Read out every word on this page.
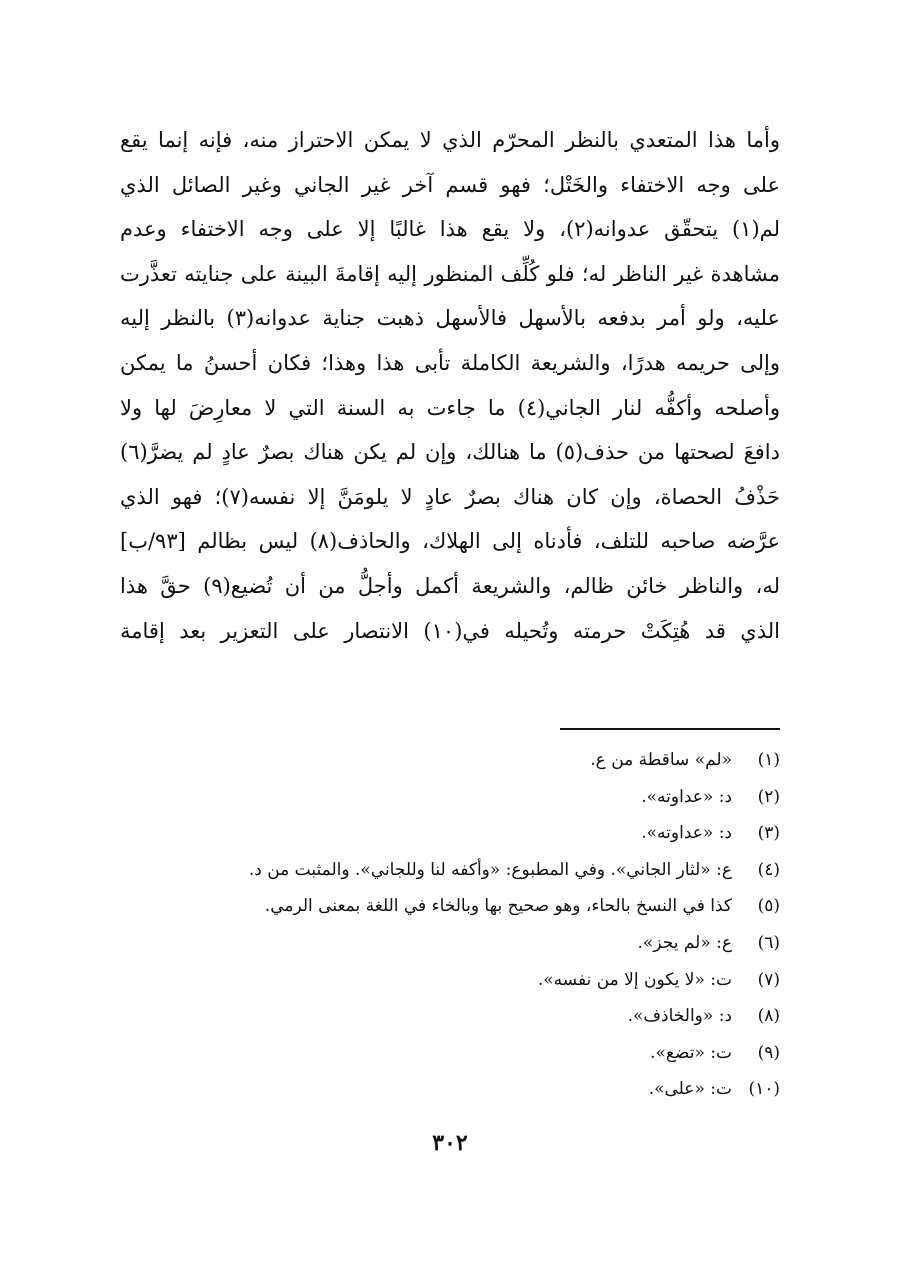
وأما هذا المتعدي بالنظر المحرّم الذي لا يمكن الاحتراز منه، فإنه إنما يقع
على وجه الاختفاء والخَتْل؛ فهو قسم آخر غير الجاني وغير الصائل الذي
لم(١) يتحقّق عدوانه(٢)، ولا يقع هذا غالبًا إلا على وجه الاختفاء وعدم
مشاهدة غير الناظر له؛ فلو كُلِّف المنظور إليه إقامةَ البينة على جنايته تعذَّرت
عليه، ولو أمر بدفعه بالأسهل فالأسهل ذهبت جناية عدوانه(٣) بالنظر إليه
وإلى حريمه هدرًا، والشريعة الكاملة تأبى هذا وهذا؛ فكان أحسنُ ما يمكن
وأصلحه وأكفُّه لنار الجاني(٤) ما جاءت به السنة التي لا معارِضَ لها ولا
دافعَ لصحتها من حذف(٥) ما هنالك، وإن لم يكن هناك بصرٌ عادٍ لم يضرَّ(٦)
حَذْفُ الحصاة، وإن كان هناك بصرٌ عادٍ لا يلومَنَّ إلا نفسه(٧)؛ فهو الذي
عرَّضه صاحبه للتلف، فأدناه إلى الهلاك، والحاذف(٨) ليس بظالم [٩٣/ب]
له، والناظر خائن ظالم، والشريعة أكمل وأجلُّ من أن تُضيع(٩) حقَّ هذا
الذي قد هُتِكَتْ حرمته وتُحيله في(١٠) الانتصار على التعزير بعد إقامة
(١)
«لم» ساقطة من ع.
(٢)
د: «عداوته».
(٣)
د: «عداوته».
(٤)
ع: «لثار الجاني». وفي المطبوع: «وأكفه لنا وللجاني». والمثبت من د.
(٥)
كذا في النسخ بالحاء، وهو صحيح بها وبالخاء في اللغة بمعنى الرمي.
(٦)
ع: «لم يجز».
(٧)
ت: «لا يكون إلا من نفسه».
(٨)
د: «والخاذف».
(٩)
ت: «تضع».
(١٠)
ت: «على».
٣٠٢
